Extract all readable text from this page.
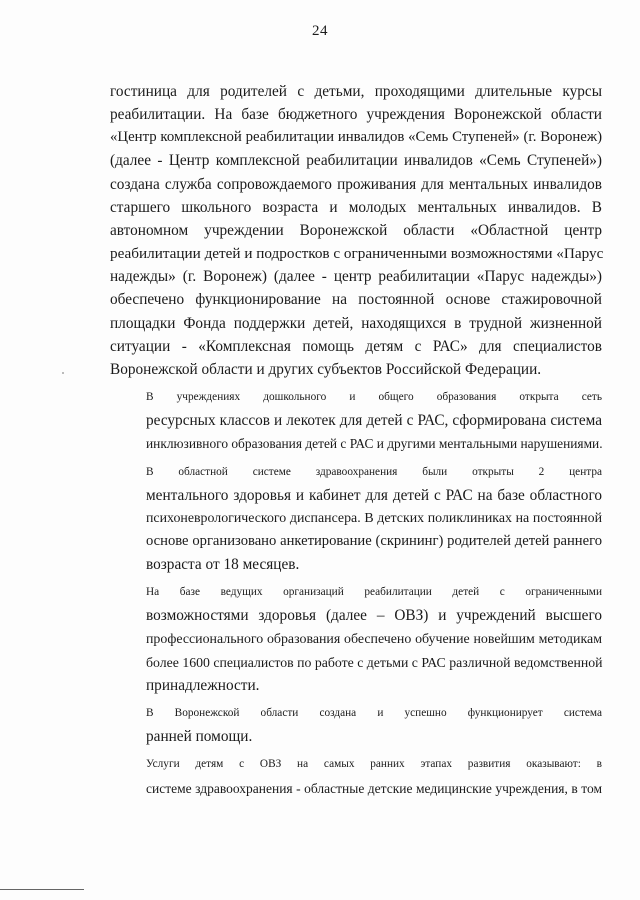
24

гостиница для родителей с детьми, проходящими длительные курсы
реабилитации. На базе бюджетного учреждения Воронежской области
«Центр комплексной реабилитации инвалидов «Семь Ступеней» (г. Воронеж)
(далее - Центр комплексной реабилитации инвалидов «Семь Ступеней»)
создана служба сопровождаемого проживания для ментальных инвалидов
старшего школьного возраста и молодых ментальных инвалидов. В
автономном учреждении Воронежской области «Областной центр
реабилитации детей и подростков с ограниченными возможностями «Парус
надежды» (г. Воронеж) (далее - центр реабилитации «Парус надежды»)
обеспечено функционирование на постоянной основе стажировочной
площадки Фонда поддержки детей, находящихся в трудной жизненной
ситуации - «Комплексная помощь детям с РАС» для специалистов
Воронежской области и других субъектов Российской Федерации.

В учреждениях дошкольного и общего образования открыта сеть
ресурсных классов и лекотек для детей с РАС, сформирована система
инклюзивного образования детей с РАС и другими ментальными нарушениями.

В областной системе здравоохранения были открыты 2 центра
ментального здоровья и кабинет для детей с РАС на базе областного
психоневрологического диспансера. В детских поликлиниках на постоянной
основе организовано анкетирование (скрининг) родителей детей раннего
возраста от 18 месяцев.

На базе ведущих организаций реабилитации детей с ограниченными
возможностями здоровья (далее – ОВЗ) и учреждений высшего
профессионального образования обеспечено обучение новейшим методикам
более 1600 специалистов по работе с детьми с РАС различной ведомственной
принадлежности.

В Воронежской области создана и успешно функционирует система
ранней помощи.

Услуги детям с ОВЗ на самых ранних этапах развития оказывают: в
системе здравоохранения - областные детские медицинские учреждения, в том
